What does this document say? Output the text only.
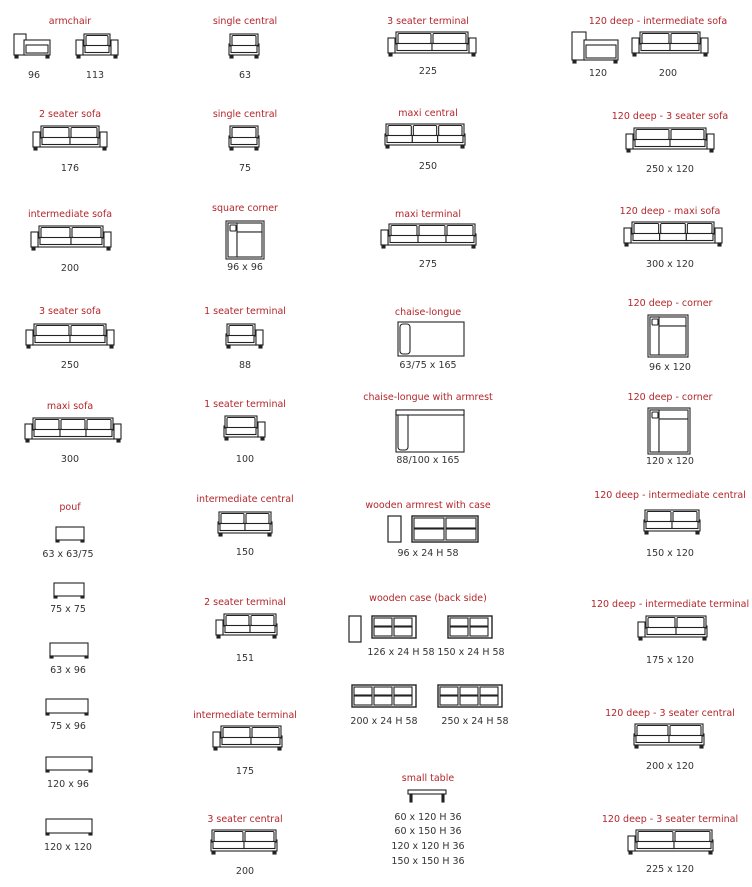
armchair
96	113
2 seater sofa
176
intermediate sofa
200
3 seater sofa
250
maxi sofa
300
pouf
63 x 63/75
75 x 75
63 x 96
75 x 96
120 x 96
120 x 120
single central
63
single central
75
square corner
96 x 96
1 seater terminal
88
1 seater terminal
100
intermediate central
150
2 seater terminal
151
intermediate terminal
175
3 seater central
200
3 seater terminal
225
maxi central
250
maxi terminal
275
chaise-longue
63/75 x 165
chaise-longue with armrest
88/100 x 165
wooden armrest with case
96 x 24 H 58
wooden case (back side)
126 x 24 H 58 150 x 24 H 58
200 x 24 H 58	250 x 24 H 58
small table
60 x 120 H 36
60 x 150 H 36
120 x 120 H 36
150 x 150 H 36
120 deep - intermediate sofa
120	200
120 deep - 3 seater sofa
250 x 120
120 deep - maxi sofa
300 x 120
120 deep - corner
96 x 120
120 deep - corner
120 x 120
120 deep - intermediate central
150 x 120
120 deep - intermediate terminal
175 x 120
120 deep - 3 seater central
200 x 120
120 deep - 3 seater terminal
225 x 120
